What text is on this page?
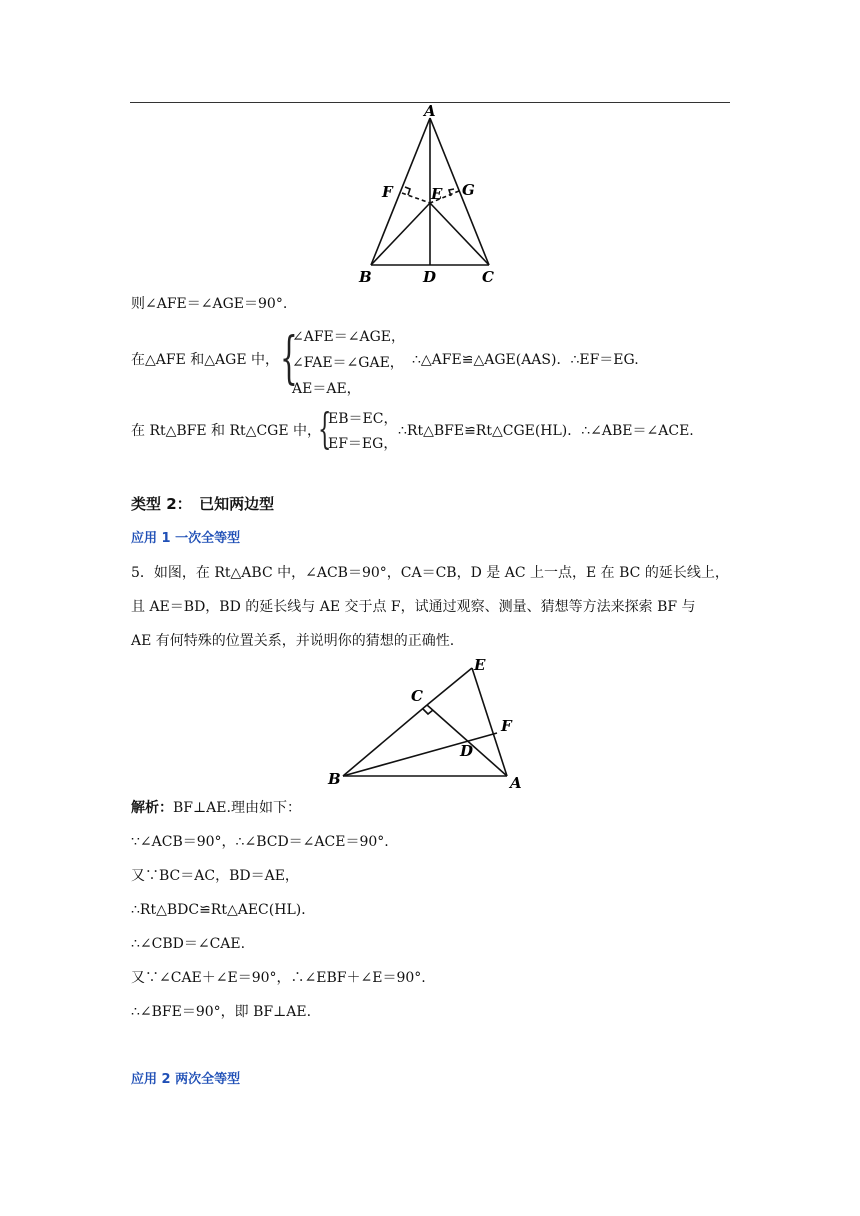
A
F	E G
B	D	C
则∠AFE＝∠AGE＝90°.
在△AFE 和△AGE 中， {
∠AFE＝∠AGE，
∠FAE＝∠GAE，
AE＝AE，
∴△AFE≌△AGE(AAS)．∴EF＝EG.
在 Rt△BFE 和 Rt△CGE 中，
{
EB＝EC，
EF＝EG，
∴Rt△BFE≌Rt△CGE(HL)．∴∠ABE＝∠ACE.
类型 2：　已知两边型
应用 1 一次全等型
5．如图，在 Rt△ABC 中，∠ACB＝90°，CA＝CB，D 是 AC 上一点，E 在 BC 的延长线上，
且 AE＝BD，BD 的延长线与 AE 交于点 F，试通过观察、测量、猜想等方法来探索 BF 与
AE 有何特殊的位置关系，并说明你的猜想的正确性.
C
E
F
D
B	A
解析：BF⊥AE.理由如下：
∵∠ACB＝90°，∴∠BCD＝∠ACE＝90°.
又∵BC＝AC，BD＝AE，
∴Rt△BDC≌Rt△AEC(HL)．
∴∠CBD＝∠CAE.
又∵∠CAE＋∠E＝90°，∴∠EBF＋∠E＝90°.
∴∠BFE＝90°，即 BF⊥AE.
应用 2 两次全等型
